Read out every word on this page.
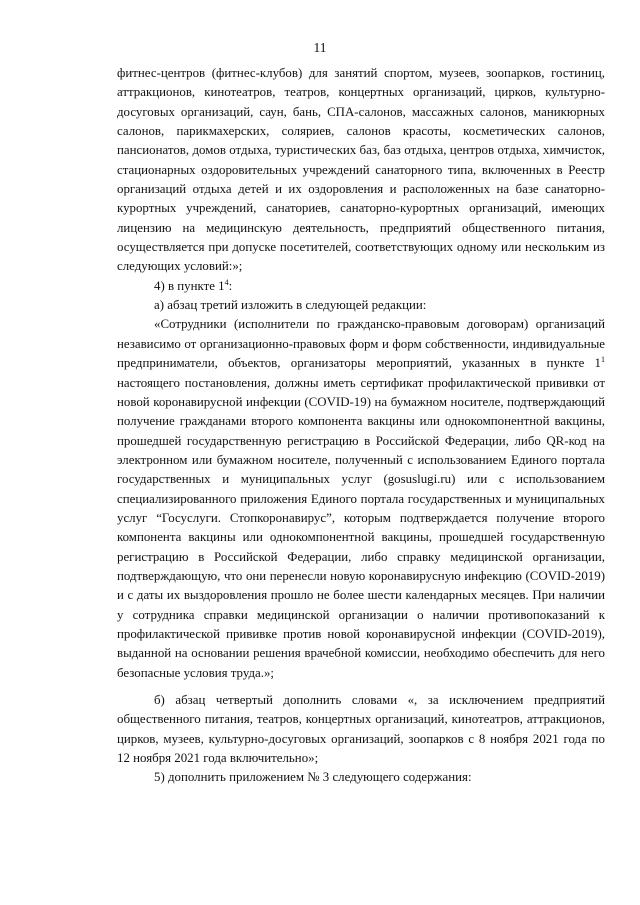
11

фитнес-центров (фитнес-клубов) для занятий спортом, музеев, зоопарков, гостиниц, аттракционов, кинотеатров, театров, концертных организаций, цирков, культурно-досуговых организаций, саун, бань, СПА-салонов, массажных салонов, маникюрных салонов, парикмахерских, соляриев, салонов красоты, косметических салонов, пансионатов, домов отдыха, туристических баз, баз отдыха, центров отдыха, химчисток, стационарных оздоровительных учреждений санаторного типа, включенных в Реестр организаций отдыха детей и их оздоровления и расположенных на базе санаторно-курортных учреждений, санаториев, санаторно-курортных организаций, имеющих лицензию на медицинскую деятельность, предприятий общественного питания, осуществляется при допуске посетителей, соответствующих одному или нескольким из следующих условий:»;

4) в пункте $1^4$:

а) абзац третий изложить в следующей редакции:

«Сотрудники (исполнители по гражданско-правовым договорам) организаций независимо от организационно-правовых форм и форм собственности, индивидуальные предприниматели, объектов, организаторы мероприятий, указанных в пункте $1^1$ настоящего постановления, должны иметь сертификат профилактической прививки от новой коронавирусной инфекции (COVID-19) на бумажном носителе, подтверждающий получение гражданами второго компонента вакцины или однокомпонентной вакцины, прошедшей государственную регистрацию в Российской Федерации, либо QR-код на электронном или бумажном носителе, полученный с использованием Единого портала государственных и муниципальных услуг (gosuslugi.ru) или с использованием специализированного приложения Единого портала государственных и муниципальных услуг “Госуслуги. Стопкоронавирус”, которым подтверждается получение второго компонента вакцины или однокомпонентной вакцины, прошедшей государственную регистрацию в Российской Федерации, либо справку медицинской организации, подтверждающую, что они перенесли новую коронавирусную инфекцию (COVID-2019) и с даты их выздоровления прошло не более шести календарных месяцев. При наличии у сотрудника справки медицинской организации о наличии противопоказаний к профилактической прививке против новой коронавирусной инфекции (COVID-2019), выданной на основании решения врачебной комиссии, необходимо обеспечить для него безопасные условия труда.»;

б) абзац четвертый дополнить словами «, за исключением предприятий общественного питания, театров, концертных организаций, кинотеатров, аттракционов, цирков, музеев, культурно-досуговых организаций, зоопарков с 8 ноября 2021 года по 12 ноября 2021 года включительно»;

5) дополнить приложением № 3 следующего содержания:
